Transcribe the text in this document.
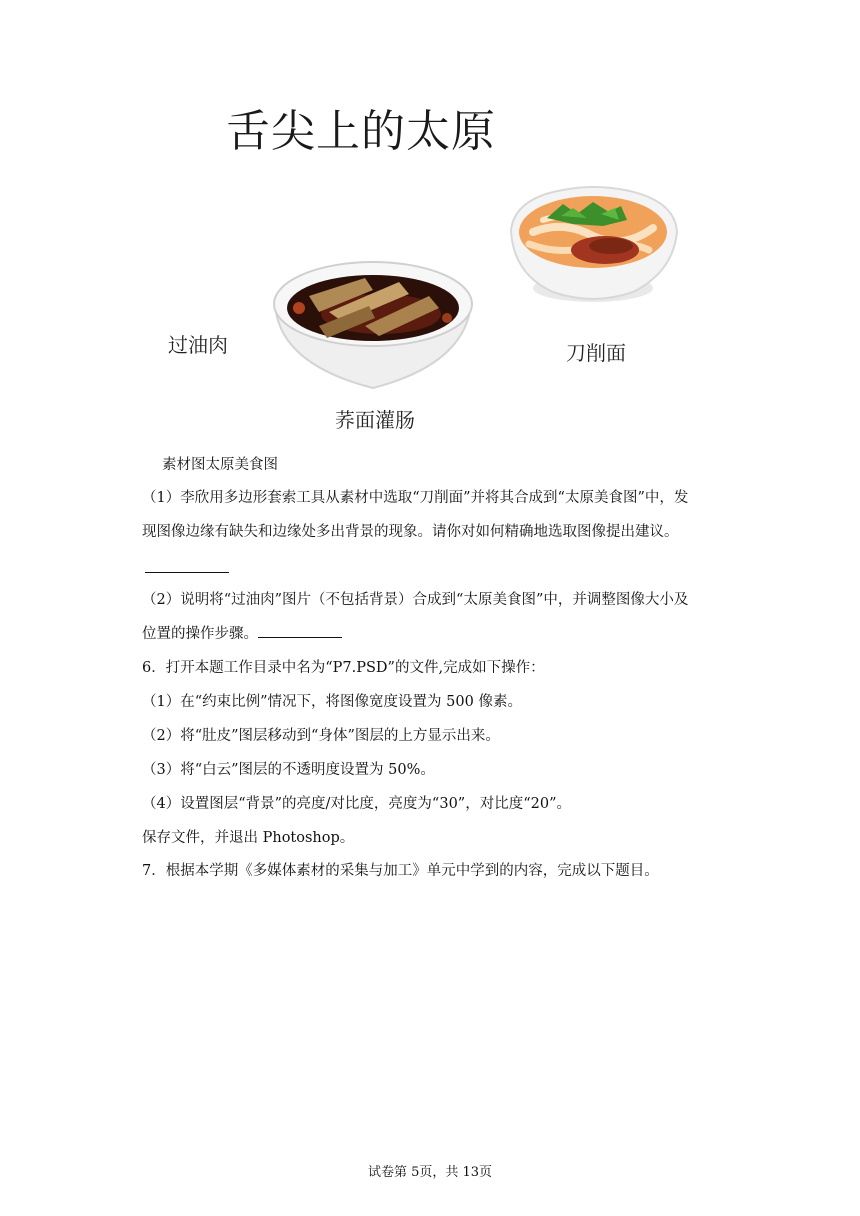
舌尖上的太原
过油肉	刀削面
荞面灌肠
素材图太原美食图
（1）李欣用多边形套索工具从素材中选取“刀削面”并将其合成到“太原美食图”中，发
现图像边缘有缺失和边缘处多出背景的现象。请你对如何精确地选取图像提出建议。
（2）说明将“过油肉”图片（不包括背景）合成到“太原美食图”中，并调整图像大小及
位置的操作步骤。
6．打开本题工作目录中名为“P7.PSD”的文件,完成如下操作：
（1）在“约束比例”情况下，将图像宽度设置为 500 像素。
（2）将“肚皮”图层移动到“身体”图层的上方显示出来。
（3）将“白云”图层的不透明度设置为 50%。
（4）设置图层“背景”的亮度/对比度，亮度为“30”，对比度“20”。
保存文件，并退出 Photoshop。
7．根据本学期《多媒体素材的采集与加工》单元中学到的内容，完成以下题目。
试卷第 5页，共 13页
